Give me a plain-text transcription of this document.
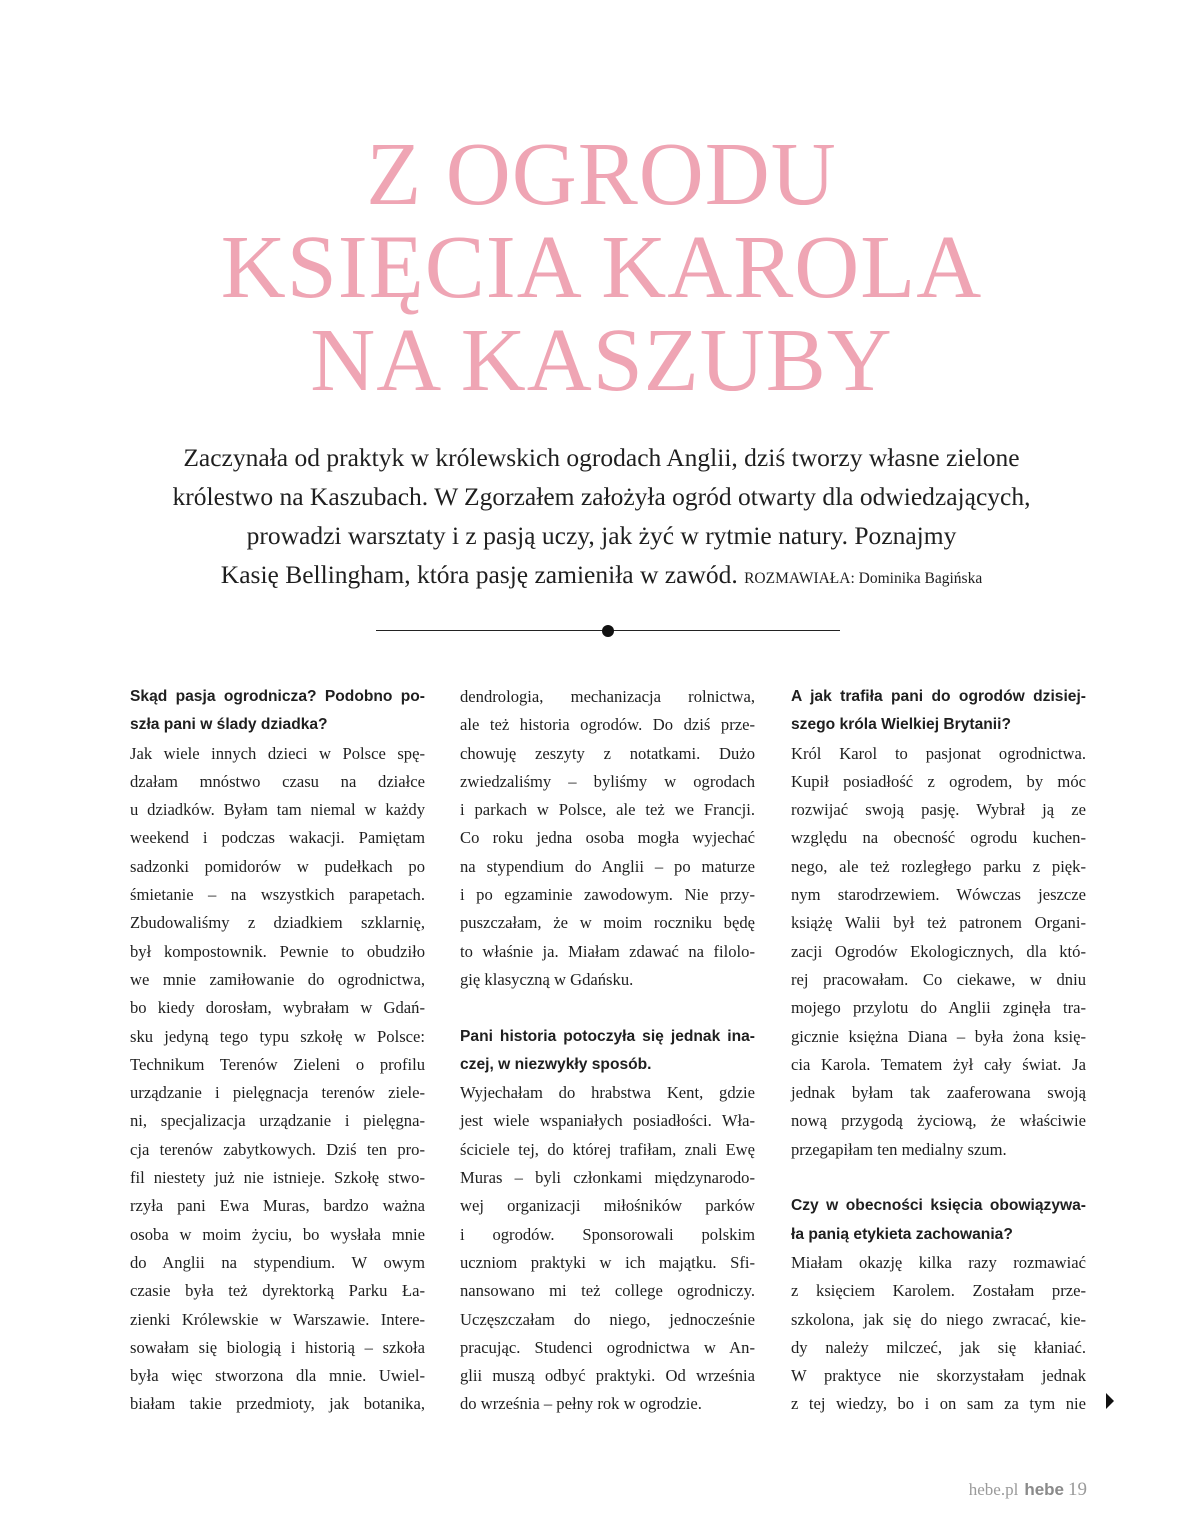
Z OGRODU
KSIĘCIA KAROLA
NA KASZUBY
Zaczynała od praktyk w królewskich ogrodach Anglii, dziś tworzy własne zielone
królestwo na Kaszubach. W Zgorzałem założyła ogród otwarty dla odwiedzających,
prowadzi warsztaty i z pasją uczy, jak żyć w rytmie natury. Poznajmy
Kasię Bellingham, która pasję zamieniła w zawód. ROZMAWIAŁA: Dominika Bagińska
Skąd pasja ogrodnicza? Podobno po-
szła pani w ślady dziadka?
Jak wiele innych dzieci w Polsce spę-
dzałam mnóstwo czasu na działce
u dziadków. Byłam tam niemal w każdy
weekend i podczas wakacji. Pamiętam
sadzonki pomidorów w pudełkach po
śmietanie – na wszystkich parapetach.
Zbudowaliśmy z dziadkiem szklarnię,
był kompostownik. Pewnie to obudziło
we mnie zamiłowanie do ogrodnictwa,
bo kiedy dorosłam, wybrałam w Gdań-
sku jedyną tego typu szkołę w Polsce:
Technikum Terenów Zieleni o profilu
urządzanie i pielęgnacja terenów ziele-
ni, specjalizacja urządzanie i pielęgna-
cja terenów zabytkowych. Dziś ten pro-
fil niestety już nie istnieje. Szkołę stwo-
rzyła pani Ewa Muras, bardzo ważna
osoba w moim życiu, bo wysłała mnie
do Anglii na stypendium. W owym
czasie była też dyrektorką Parku Ła-
zienki Królewskie w Warszawie. Intere-
sowałam się biologią i historią – szkoła
była więc stworzona dla mnie. Uwiel-
białam takie przedmioty, jak botanika,
dendrologia, mechanizacja rolnictwa,
ale też historia ogrodów. Do dziś prze-
chowuję zeszyty z notatkami. Dużo
zwiedzaliśmy – byliśmy w ogrodach
i parkach w Polsce, ale też we Francji.
Co roku jedna osoba mogła wyjechać
na stypendium do Anglii – po maturze
i po egzaminie zawodowym. Nie przy-
puszczałam, że w moim roczniku będę
to właśnie ja. Miałam zdawać na filolo-
gię klasyczną w Gdańsku.
Pani historia potoczyła się jednak ina-
czej, w niezwykły sposób.
Wyjechałam do hrabstwa Kent, gdzie
jest wiele wspaniałych posiadłości. Wła-
ściciele tej, do której trafiłam, znali Ewę
Muras – byli członkami międzynarodo-
wej organizacji miłośników parków
i ogrodów. Sponsorowali polskim
uczniom praktyki w ich majątku. Sfi-
nansowano mi też college ogrodniczy.
Uczęszczałam do niego, jednocześnie
pracując. Studenci ogrodnictwa w An-
glii muszą odbyć praktyki. Od września
do września – pełny rok w ogrodzie.
A jak trafiła pani do ogrodów dzisiej-
szego króla Wielkiej Brytanii?
Król Karol to pasjonat ogrodnictwa.
Kupił posiadłość z ogrodem, by móc
rozwijać swoją pasję. Wybrał ją ze
względu na obecność ogrodu kuchen-
nego, ale też rozległego parku z pięk-
nym starodrzewiem. Wówczas jeszcze
książę Walii był też patronem Organi-
zacji Ogrodów Ekologicznych, dla któ-
rej pracowałam. Co ciekawe, w dniu
mojego przylotu do Anglii zginęła tra-
gicznie księżna Diana – była żona księ-
cia Karola. Tematem żył cały świat. Ja
jednak byłam tak zaaferowana swoją
nową przygodą życiową, że właściwie
przegapiłam ten medialny szum.
Czy w obecności księcia obowiązywa-
ła panią etykieta zachowania?
Miałam okazję kilka razy rozmawiać
z księciem Karolem. Zostałam prze-
szkolona, jak się do niego zwracać, kie-
dy należy milczeć, jak się kłaniać.
W praktyce nie skorzystałam jednak
z tej wiedzy, bo i on sam za tym nie
hebe.pl hebe 19
